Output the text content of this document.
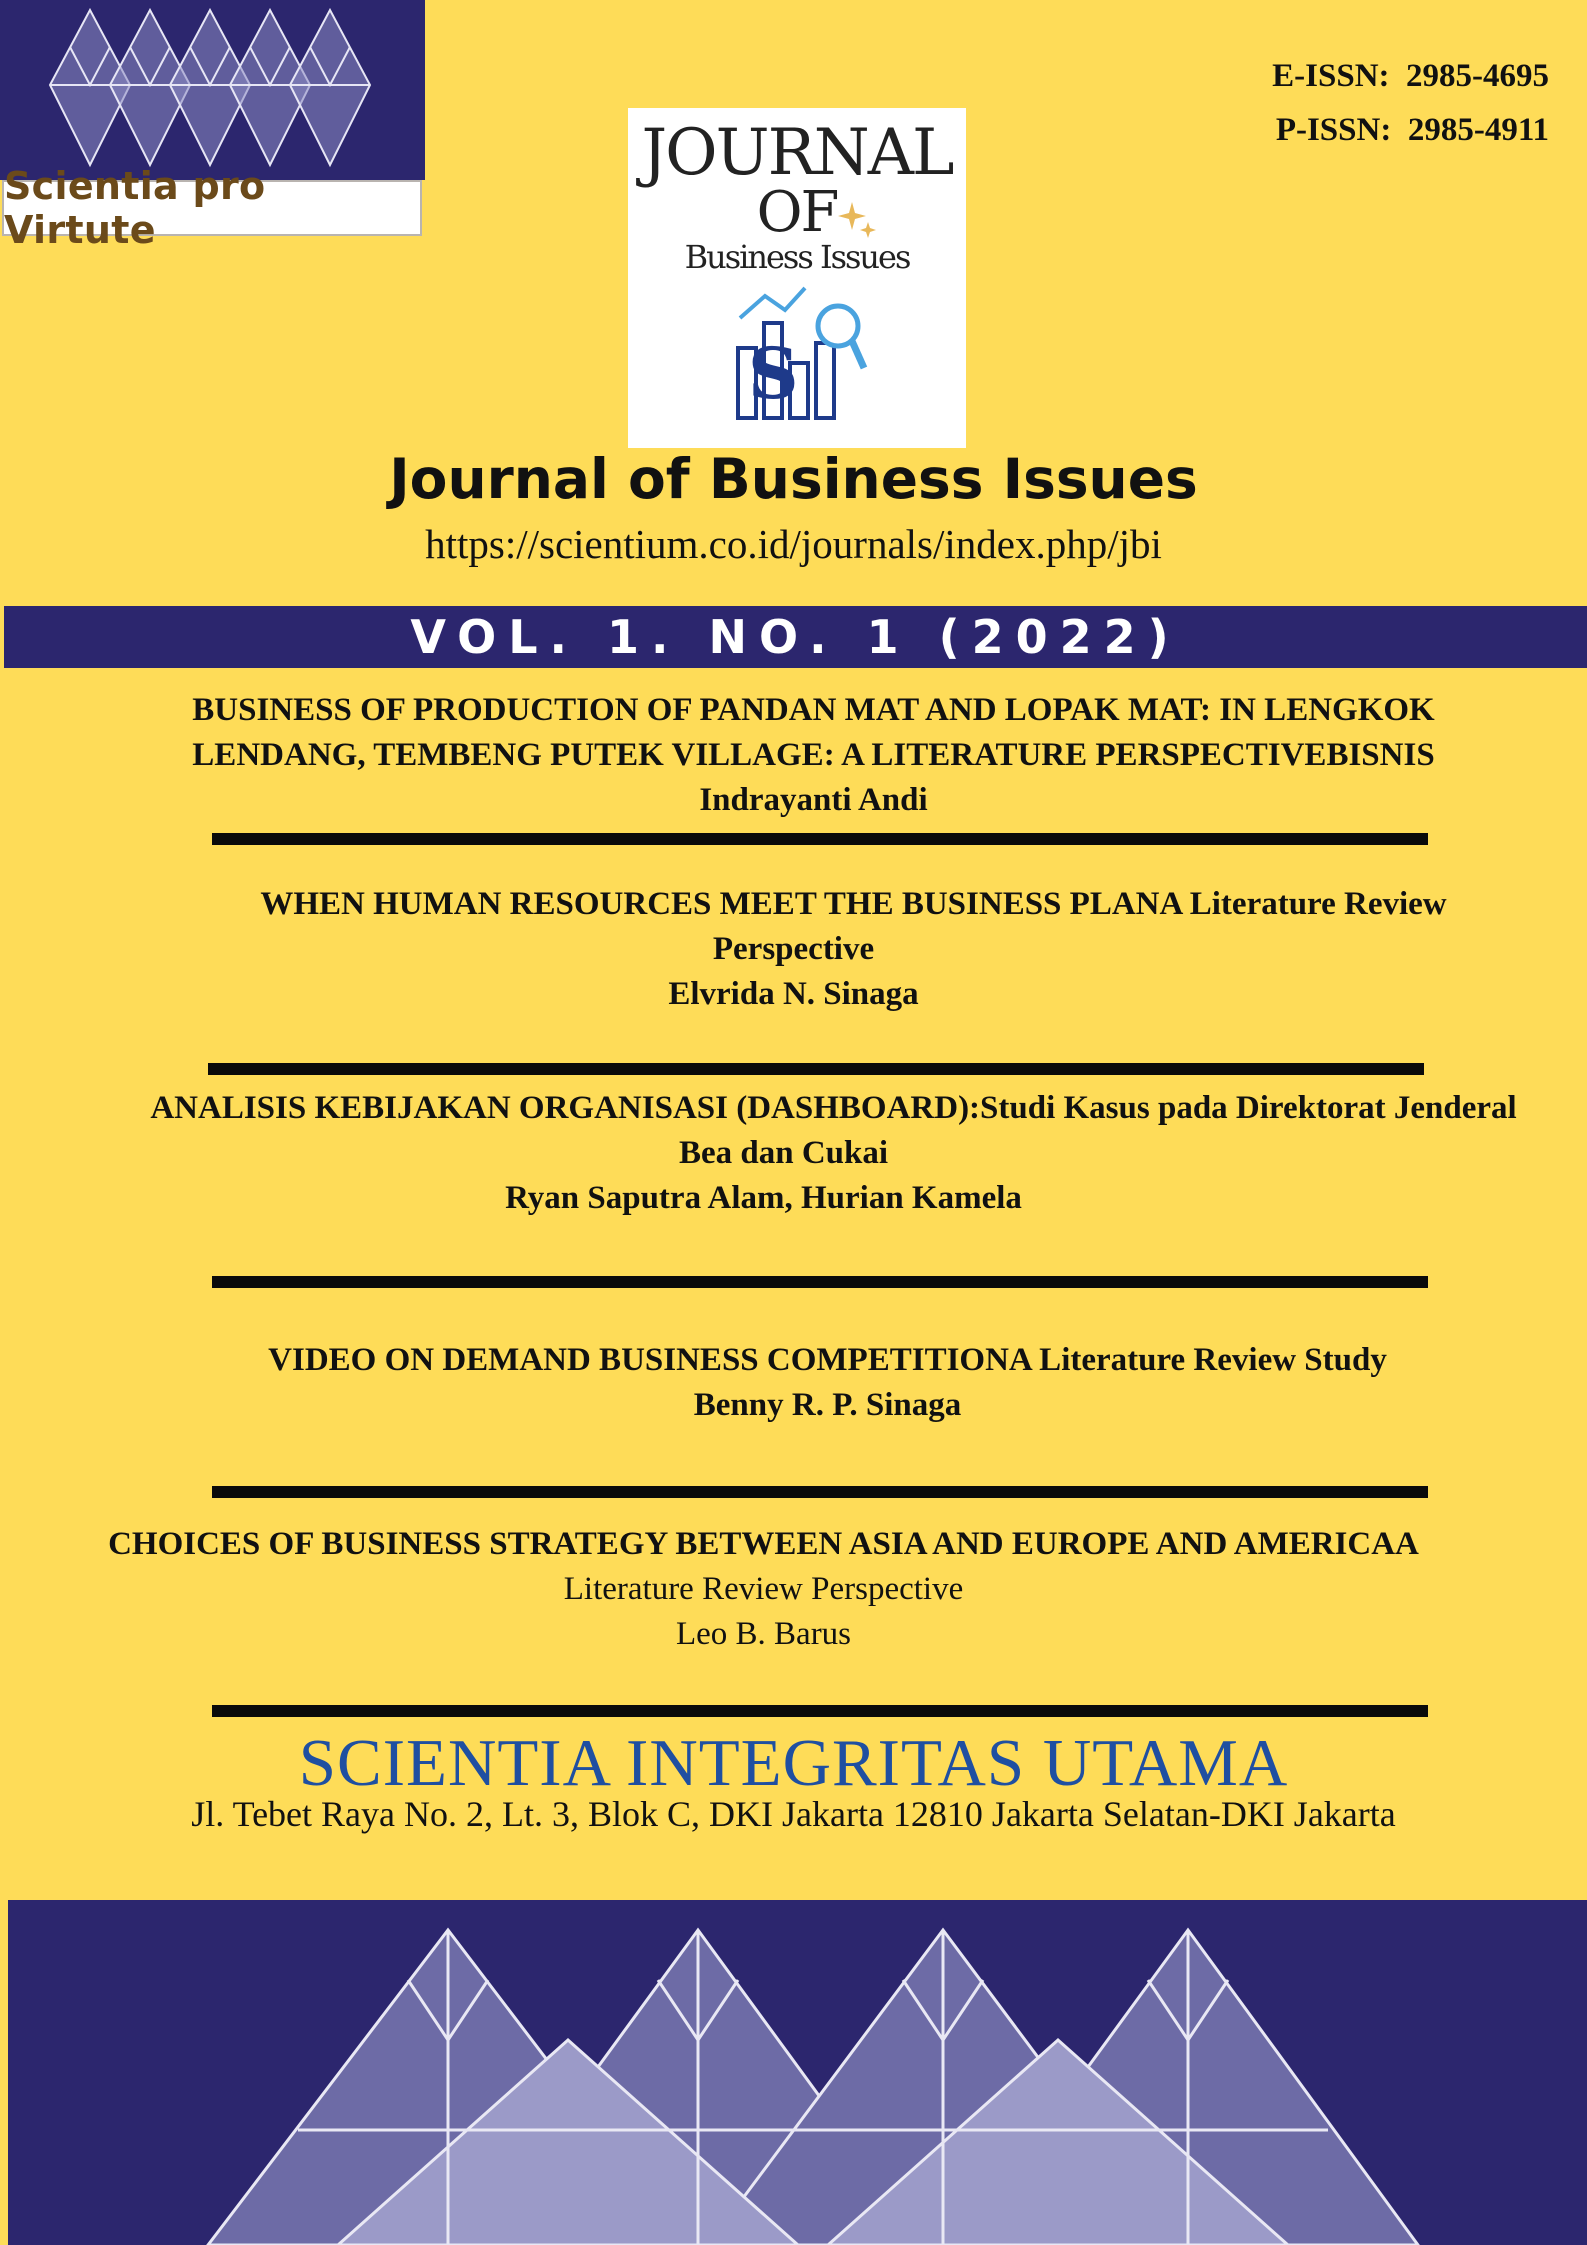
Scientia pro Virtute
E-ISSN:  2985-4695
P-ISSN:  2985-4911
JOURNAL
OF
Business Issues
S
Journal of Business Issues
https://scientium.co.id/journals/index.php/jbi
VOL. 1. NO. 1 (2022)
BUSINESS OF PRODUCTION OF PANDAN MAT AND LOPAK MAT: IN LENGKOK
LENDANG, TEMBENG PUTEK VILLAGE: A LITERATURE PERSPECTIVEBISNIS
Indrayanti Andi
WHEN HUMAN RESOURCES MEET THE BUSINESS PLANA Literature Review
Perspective
Elvrida N. Sinaga
ANALISIS KEBIJAKAN ORGANISASI (DASHBOARD):Studi Kasus pada Direktorat Jenderal
Bea dan Cukai
Ryan Saputra Alam, Hurian Kamela
VIDEO ON DEMAND BUSINESS COMPETITIONA Literature Review Study
Benny R. P. Sinaga
CHOICES OF BUSINESS STRATEGY BETWEEN ASIA AND EUROPE AND AMERICAA
Literature Review Perspective
Leo B. Barus
SCIENTIA INTEGRITAS UTAMA
Jl. Tebet Raya No. 2, Lt. 3, Blok C, DKI Jakarta 12810 Jakarta Selatan-DKI Jakarta
